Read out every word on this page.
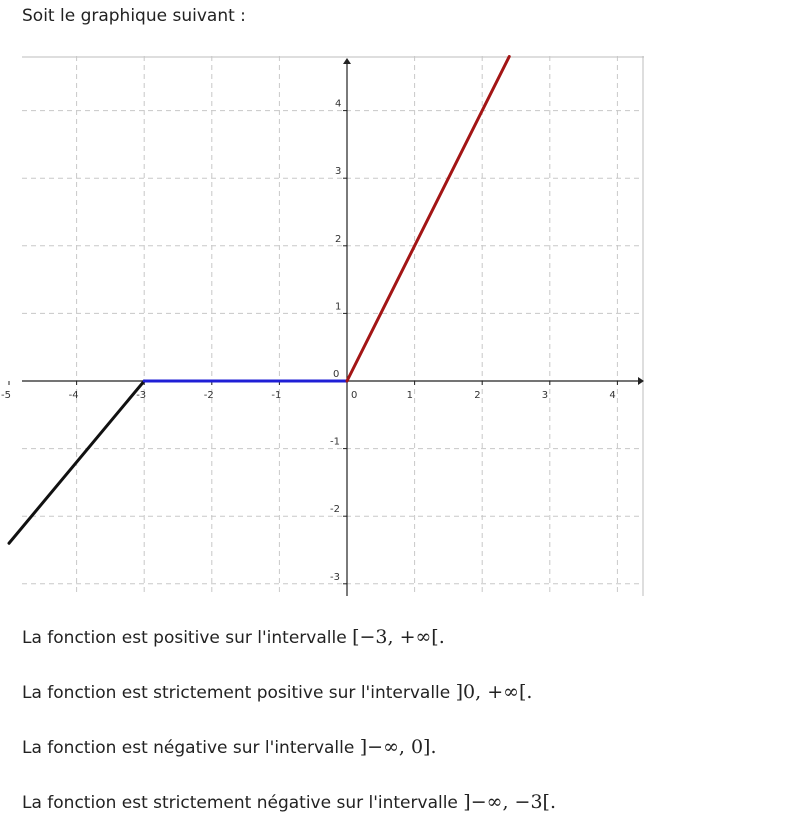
Soit le graphique suivant :
-5	-4	-3	-2	-1	0	1	2	3	4
-3
-2
-1
1
2
3
4
0
La fonction est positive sur l'intervalle [−3, +∞[.
La fonction est strictement positive sur l'intervalle ]0, +∞[.
La fonction est négative sur l'intervalle ]−∞, 0].
La fonction est strictement négative sur l'intervalle ]−∞, −3[.
